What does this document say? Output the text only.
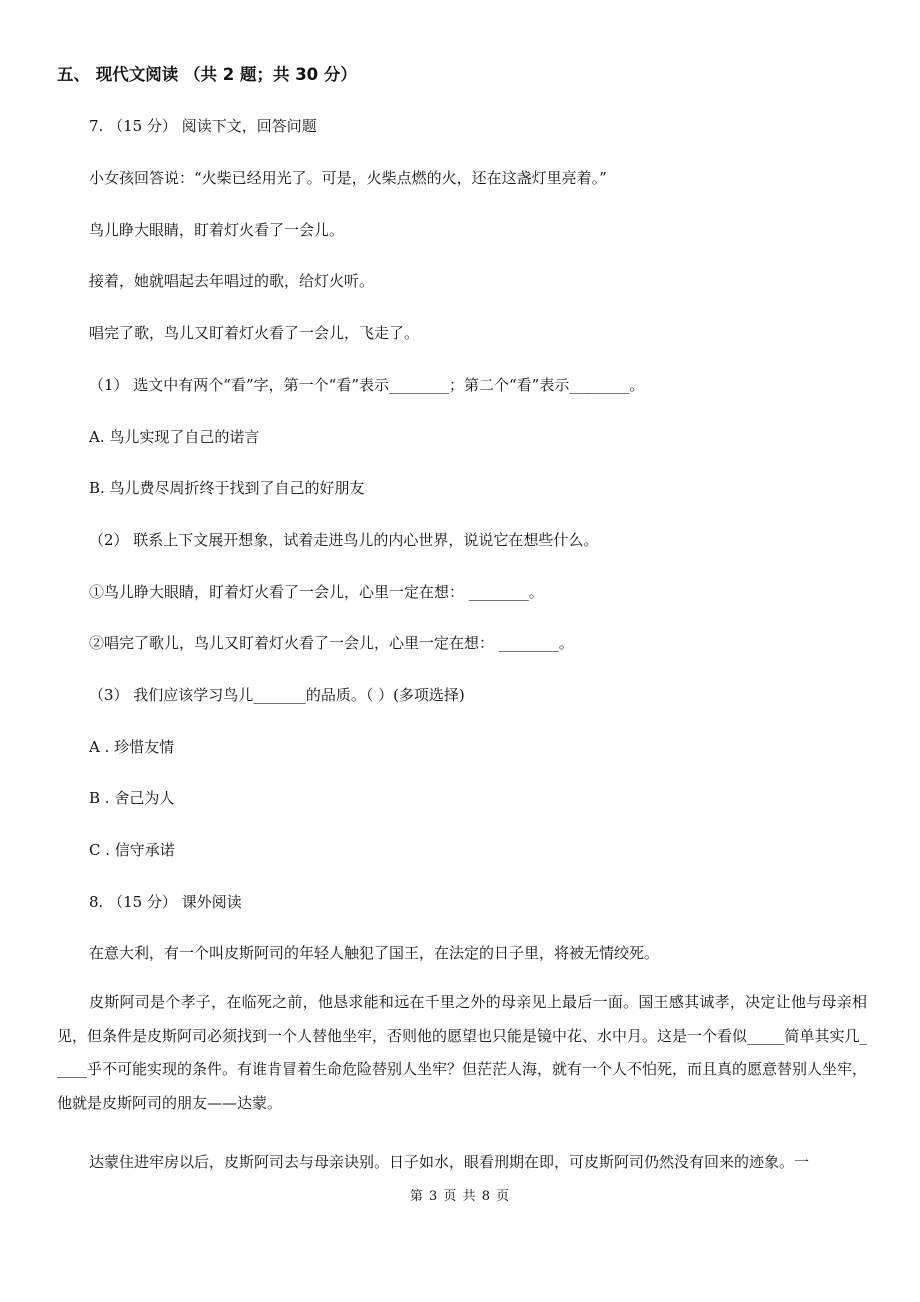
五、 现代文阅读 （共 2 题；共 30 分）
7. （15 分） 阅读下文，回答问题
小女孩回答说：“火柴已经用光了。可是，火柴点燃的火，还在这盏灯里亮着。”
鸟儿睁大眼睛，盯着灯火看了一会儿。
接着，她就唱起去年唱过的歌，给灯火听。
唱完了歌，鸟儿又盯着灯火看了一会儿，飞走了。
（1） 选文中有两个“看”字，第一个“看”表示________；第二个“看”表示________。
A. 鸟儿实现了自己的诺言
B. 鸟儿费尽周折终于找到了自己的好朋友
（2） 联系上下文展开想象，试着走进鸟儿的内心世界，说说它在想些什么。
①鸟儿睁大眼睛，盯着灯火看了一会儿，心里一定在想： ________。
②唱完了歌儿，鸟儿又盯着灯火看了一会儿，心里一定在想： ________。
（3） 我们应该学习鸟儿_______的品质。（ ）(多项选择)
A . 珍惜友情
B . 舍己为人
C . 信守承诺
8. （15 分） 课外阅读
在意大利，有一个叫皮斯阿司的年轻人触犯了国王，在法定的日子里，将被无情绞死。
皮斯阿司是个孝子，在临死之前，他恳求能和远在千里之外的母亲见上最后一面。国王感其诚孝，决定让他与母亲相见，但条件是皮斯阿司必须找到一个人替他坐牢，否则他的愿望也只能是镜中花、水中月。这是一个看似_____简单其实几_____乎不可能实现的条件。有谁肯冒着生命危险替别人坐牢？但茫茫人海，就有一个人不怕死，而且真的愿意替别人坐牢，他就是皮斯阿司的朋友——达蒙。
达蒙住进牢房以后，皮斯阿司去与母亲诀别。日子如水，眼看刑期在即，可皮斯阿司仍然没有回来的迹象。一
第 3 页 共 8 页
